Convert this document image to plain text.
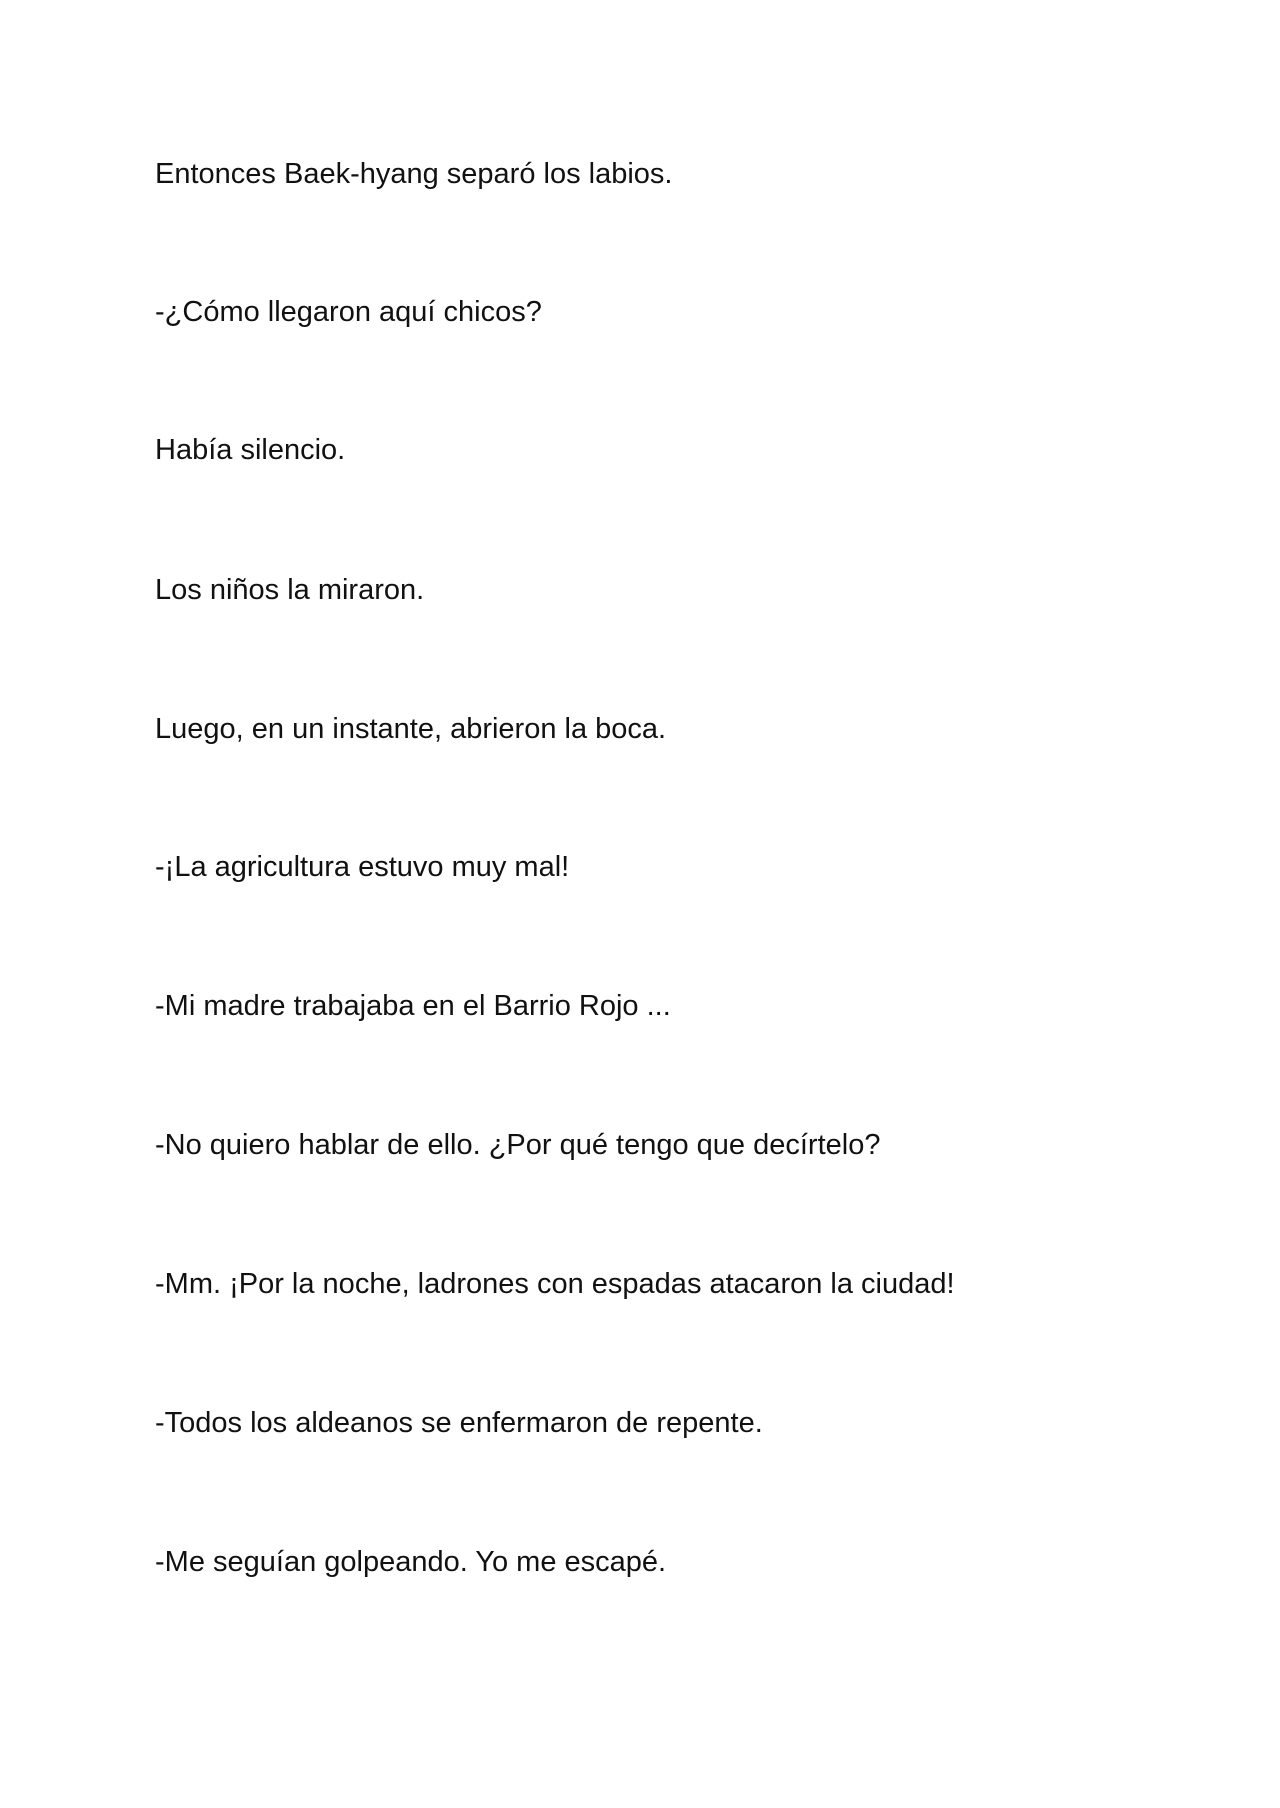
Entonces Baek-hyang separó los labios.

-¿Cómo llegaron aquí chicos?

Había silencio.

Los niños la miraron.

Luego, en un instante, abrieron la boca.

-¡La agricultura estuvo muy mal!

-Mi madre trabajaba en el Barrio Rojo ...

-No quiero hablar de ello. ¿Por qué tengo que decírtelo?

-Mm. ¡Por la noche, ladrones con espadas atacaron la ciudad!

-Todos los aldeanos se enfermaron de repente.

-Me seguían golpeando. Yo me escapé.
